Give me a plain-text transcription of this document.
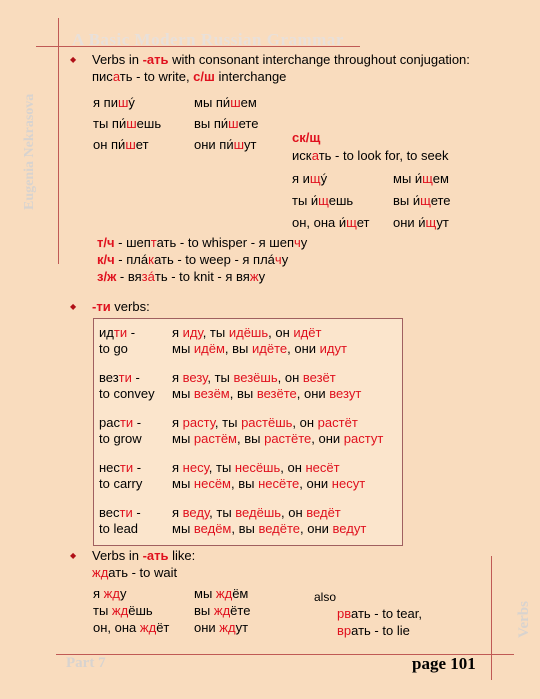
A Basic Modern Russian Grammar
Eugenia Nekrasova
Verbs
Part 7	page 101
◆ Verbs in -ать with consonant interchange throughout conjugation:
писать - to write, с/ш interchange
я пишý
ты пи́шешь
он пи́шет
мы пи́шем
вы пи́шете
они пи́шут	ск/щ
искать - to look for, to seek
я ищý
ты и́щешь
он, она и́щет
мы и́щем
вы и́щете
они и́щут
т/ч - шептать - to whisper - я шепчу
к/ч - плáкать - to weep - я плáчу
з/ж - вязáть - to knit - я вяжу
◆ -ти verbs:
идти -
to go
я иду, ты идёшь, он идёт
мы идём, вы идёте, они идут
везти -
to convey
я везу, ты везёшь, он везёт
мы везём, вы везёте, они везут
расти -
to grow
я расту, ты растёшь, он растёт
мы растём, вы растёте, они растут
нести -
to carry
я несу, ты несёшь, он несёт
мы несём, вы несёте, они несут
вести -
to lead
я веду, ты ведёшь, он ведёт
мы ведём, вы ведёте, они ведут
◆ Verbs in -ать like:
ждать - to wait
я жду
ты ждёшь
он, она ждёт
мы ждём
вы ждёте
они ждут
also
рвать - to tear,
врать - to lie
